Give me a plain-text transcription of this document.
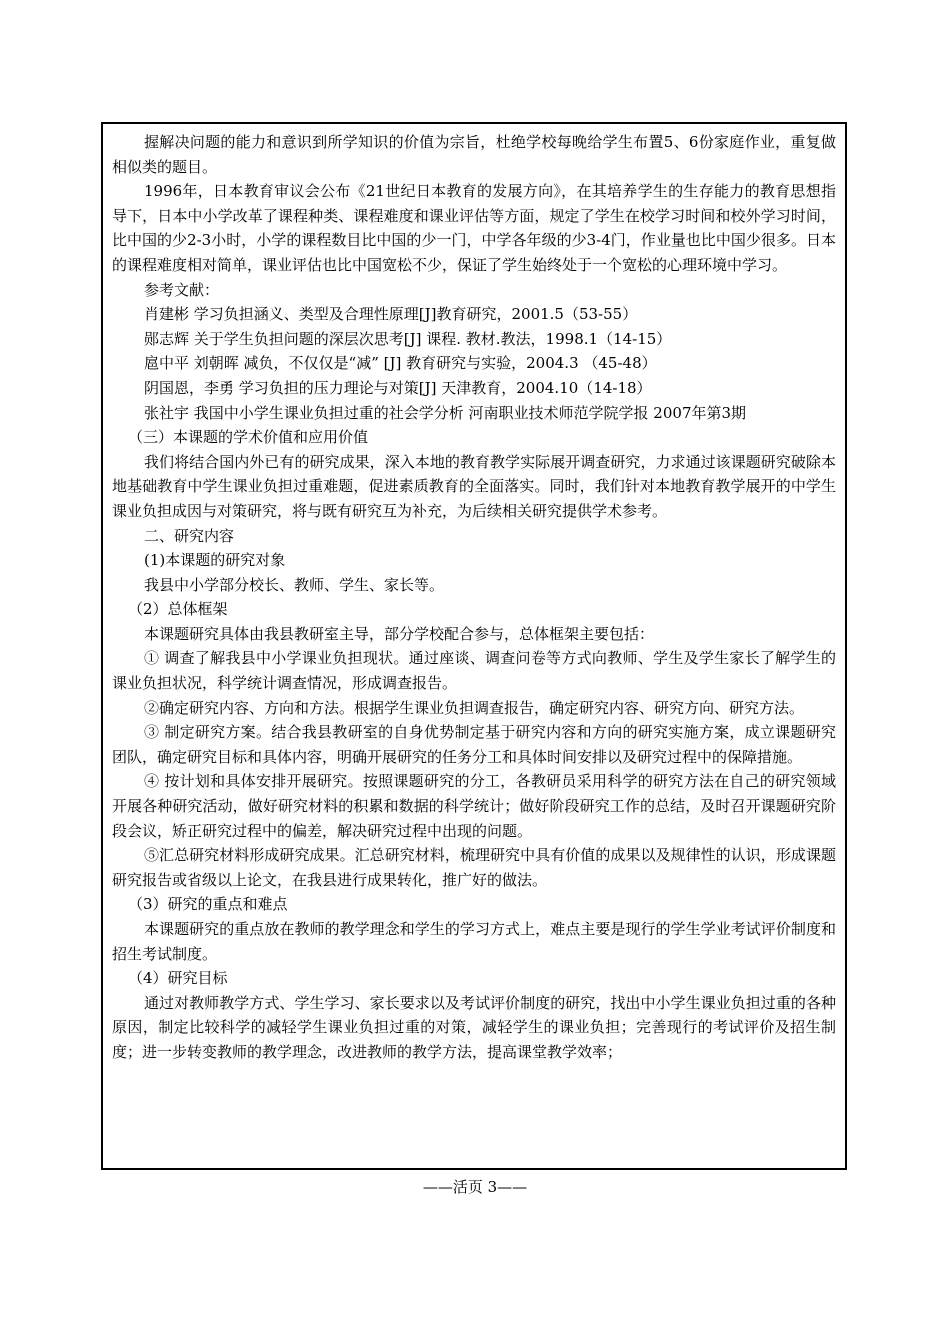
握解决问题的能力和意识到所学知识的价值为宗旨，杜绝学校每晚给学生布置5、6份家庭作业，重复做相似类的题目。

1996年，日本教育审议会公布《21世纪日本教育的发展方向》，在其培养学生的生存能力的教育思想指导下，日本中小学改革了课程种类、课程难度和课业评估等方面，规定了学生在校学习时间和校外学习时间，比中国的少2-3小时，小学的课程数目比中国的少一门，中学各年级的少3-4门，作业量也比中国少很多。日本的课程难度相对简单，课业评估也比中国宽松不少，保证了学生始终处于一个宽松的心理环境中学习。

参考文献：

肖建彬 学习负担涵义、类型及合理性原理[J]教育研究，2001.5（53-55）

郧志辉 关于学生负担问题的深层次思考[J] 课程. 教材.教法，1998.1（14-15）

扈中平 刘朝晖 减负，不仅仅是“减” [J] 教育研究与实验，2004.3 （45-48）

阴国恩，李勇 学习负担的压力理论与对策[J] 天津教育，2004.10（14-18）

张社宇 我国中小学生课业负担过重的社会学分析 河南职业技术师范学院学报 2007年第3期

（三）本课题的学术价值和应用价值

我们将结合国内外已有的研究成果，深入本地的教育教学实际展开调查研究，力求通过该课题研究破除本地基础教育中学生课业负担过重难题，促进素质教育的全面落实。同时，我们针对本地教育教学展开的中学生课业负担成因与对策研究，将与既有研究互为补充，为后续相关研究提供学术参考。

二、研究内容

(1)本课题的研究对象

我县中小学部分校长、教师、学生、家长等。

（2）总体框架

本课题研究具体由我县教研室主导，部分学校配合参与，总体框架主要包括：

① 调查了解我县中小学课业负担现状。通过座谈、调查问卷等方式向教师、学生及学生家长了解学生的课业负担状况，科学统计调查情况，形成调查报告。

②确定研究内容、方向和方法。根据学生课业负担调查报告，确定研究内容、研究方向、研究方法。

③ 制定研究方案。结合我县教研室的自身优势制定基于研究内容和方向的研究实施方案，成立课题研究团队，确定研究目标和具体内容，明确开展研究的任务分工和具体时间安排以及研究过程中的保障措施。

④ 按计划和具体安排开展研究。按照课题研究的分工，各教研员采用科学的研究方法在自己的研究领域开展各种研究活动，做好研究材料的积累和数据的科学统计；做好阶段研究工作的总结，及时召开课题研究阶段会议，矫正研究过程中的偏差，解决研究过程中出现的问题。

⑤汇总研究材料形成研究成果。汇总研究材料，梳理研究中具有价值的成果以及规律性的认识，形成课题研究报告或省级以上论文，在我县进行成果转化，推广好的做法。

（3）研究的重点和难点

本课题研究的重点放在教师的教学理念和学生的学习方式上，难点主要是现行的学生学业考试评价制度和招生考试制度。

（4）研究目标

通过对教师教学方式、学生学习、家长要求以及考试评价制度的研究，找出中小学生课业负担过重的各种原因，制定比较科学的减轻学生课业负担过重的对策，减轻学生的课业负担；完善现行的考试评价及招生制度；进一步转变教师的教学理念，改进教师的教学方法，提高课堂教学效率；

——活页 3——
